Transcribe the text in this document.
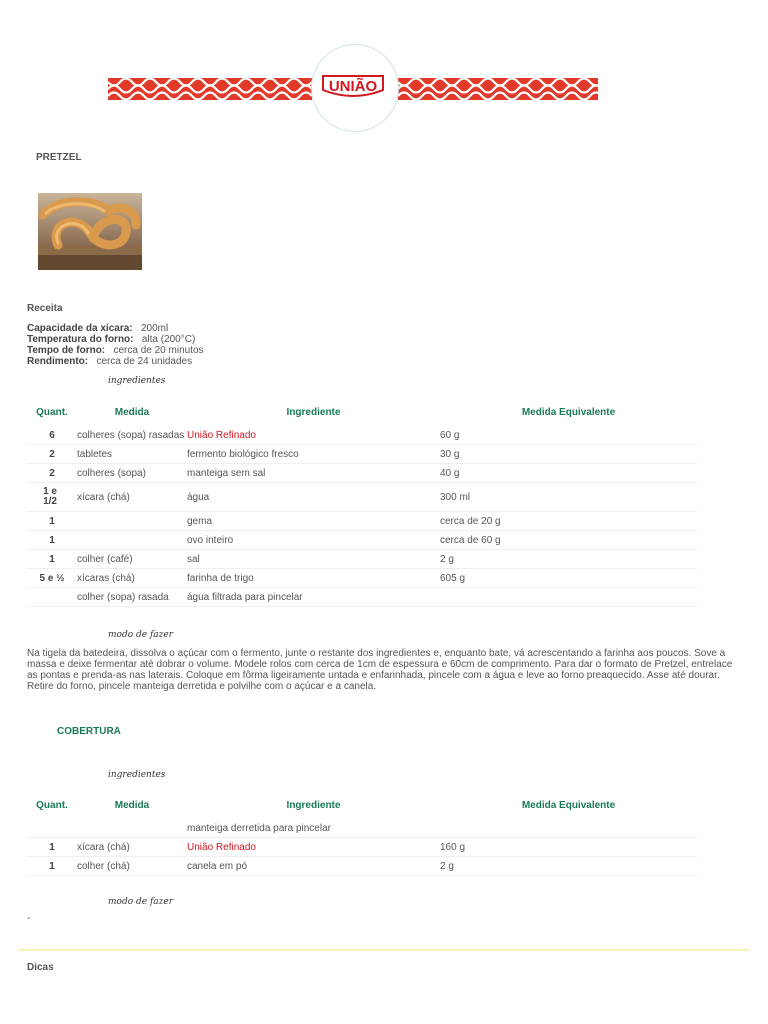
UNIÃO
PRETZEL
Receita
Capacidade da xícara: 200ml
Temperatura do forno: alta (200°C)
Tempo de forno: cerca de 20 minutos
Rendimento: cerca de 24 unidades
ingredientes
Quant.	Medida	Ingrediente	Medida Equivalente

6	colheres (sopa) rasadas	União Refinado	60 g
2	tabletes	fermento biológico fresco	30 g
2	colheres (sopa)	manteiga sem sal	40 g
1 e 1/2	xícara (chá)	água	300 ml
1		gema	cerca de 20 g
1		ovo inteiro	cerca de 60 g
1	colher (café)	sal	2 g
5 e ½	xícaras (chá)	farinha de trigo	605 g
	colher (sopa) rasada	água filtrada para pincelar	
modo de fazer
Na tigela da batedeira, dissolva o açúcar com o fermento, junte o restante dos ingredientes e, enquanto bate, vá acrescentando a farinha aos poucos. Sove a massa e deixe fermentar até dobrar o volume. Modele rolos com cerca de 1cm de espessura e 60cm de comprimento. Para dar o formato de Pretzel, entrelace as pontas e prenda-as nas laterais. Coloque em fôrma ligeiramente untada e enfarinhada, pincele com a água e leve ao forno preaquecido. Asse até dourar. Retire do forno, pincele manteiga derretida e polvilhe com o açúcar e a canela.
COBERTURA
ingredientes
Quant.	Medida	Ingrediente	Medida Equivalente

		manteiga derretida para pincelar	
1	xícara (chá)	União Refinado	160 g
1	colher (chá)	canela em pó	2 g
modo de fazer
-
Dicas
